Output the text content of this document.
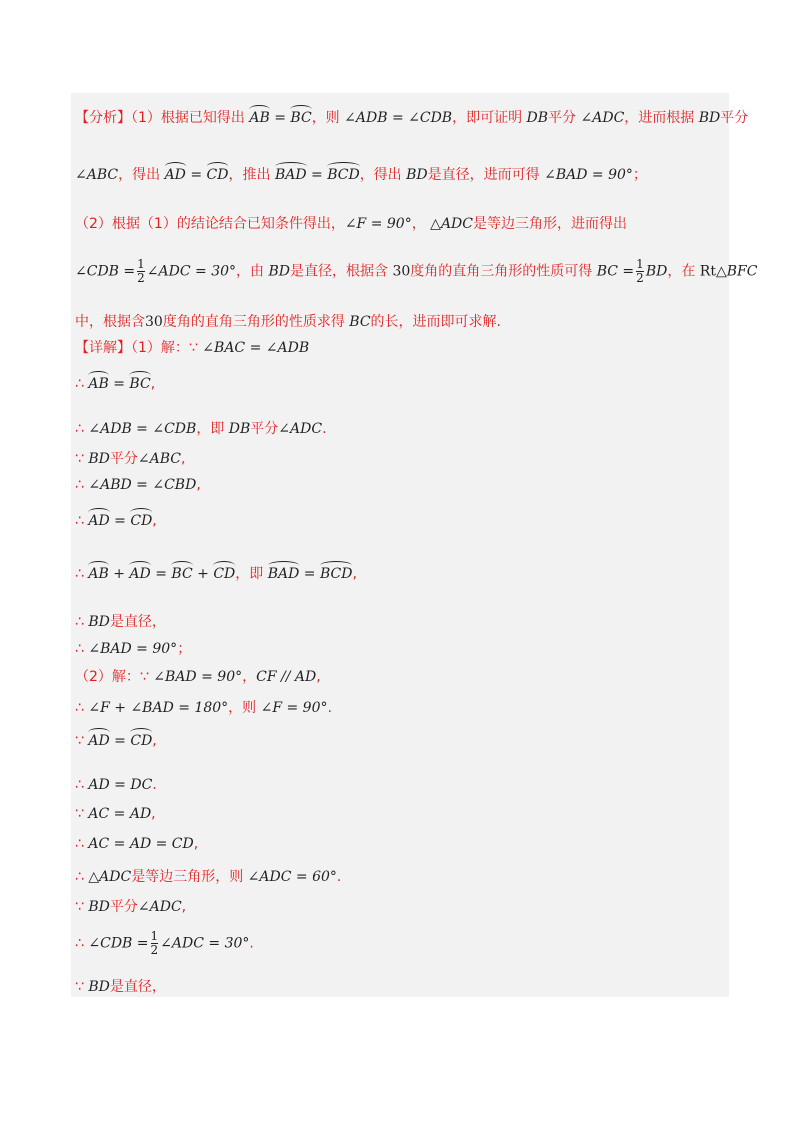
【分析】（1）根据已知得出 AB = BC，则 ∠ADB = ∠CDB，即可证明 DB平分 ∠ADC，进而根据 BD平分
∠ABC，得出 AD = CD，推出 BAD = BCD，得出 BD是直径，进而可得 ∠BAD = 90°；
（2）根据（1）的结论结合已知条件得出，∠F = 90°， △ADC是等边三角形，进而得出
∠CDB = $\frac{1}{2}$ ∠ADC = 30°，由 BD是直径，根据含 30度角的直角三角形的性质可得 BC = $\frac{1}{2}$ BD，在 Rt△BFC
中，根据含30度角的直角三角形的性质求得 BC的长，进而即可求解.
【详解】（1）解：∵ ∠BAC = ∠ADB
∴ AB = BC,
∴ ∠ADB = ∠CDB，即 DB平分∠ADC.
∵ BD平分∠ABC,
∴ ∠ABD = ∠CBD,
∴ AD = CD,
∴ AB + AD = BC + CD，即 BAD = BCD,
∴ BD是直径，
∴ ∠BAD = 90°；
（2）解：∵ ∠BAD = 90°，CF // AD,
∴ ∠F + ∠BAD = 180°，则 ∠F = 90°.
∵ AD = CD,
∴ AD = DC.
∵ AC = AD,
∴ AC = AD = CD,
∴ △ADC是等边三角形，则 ∠ADC = 60°.
∵ BD平分∠ADC,
∴ ∠CDB = $\frac{1}{2}$ ∠ADC = 30°.
∵ BD是直径，
